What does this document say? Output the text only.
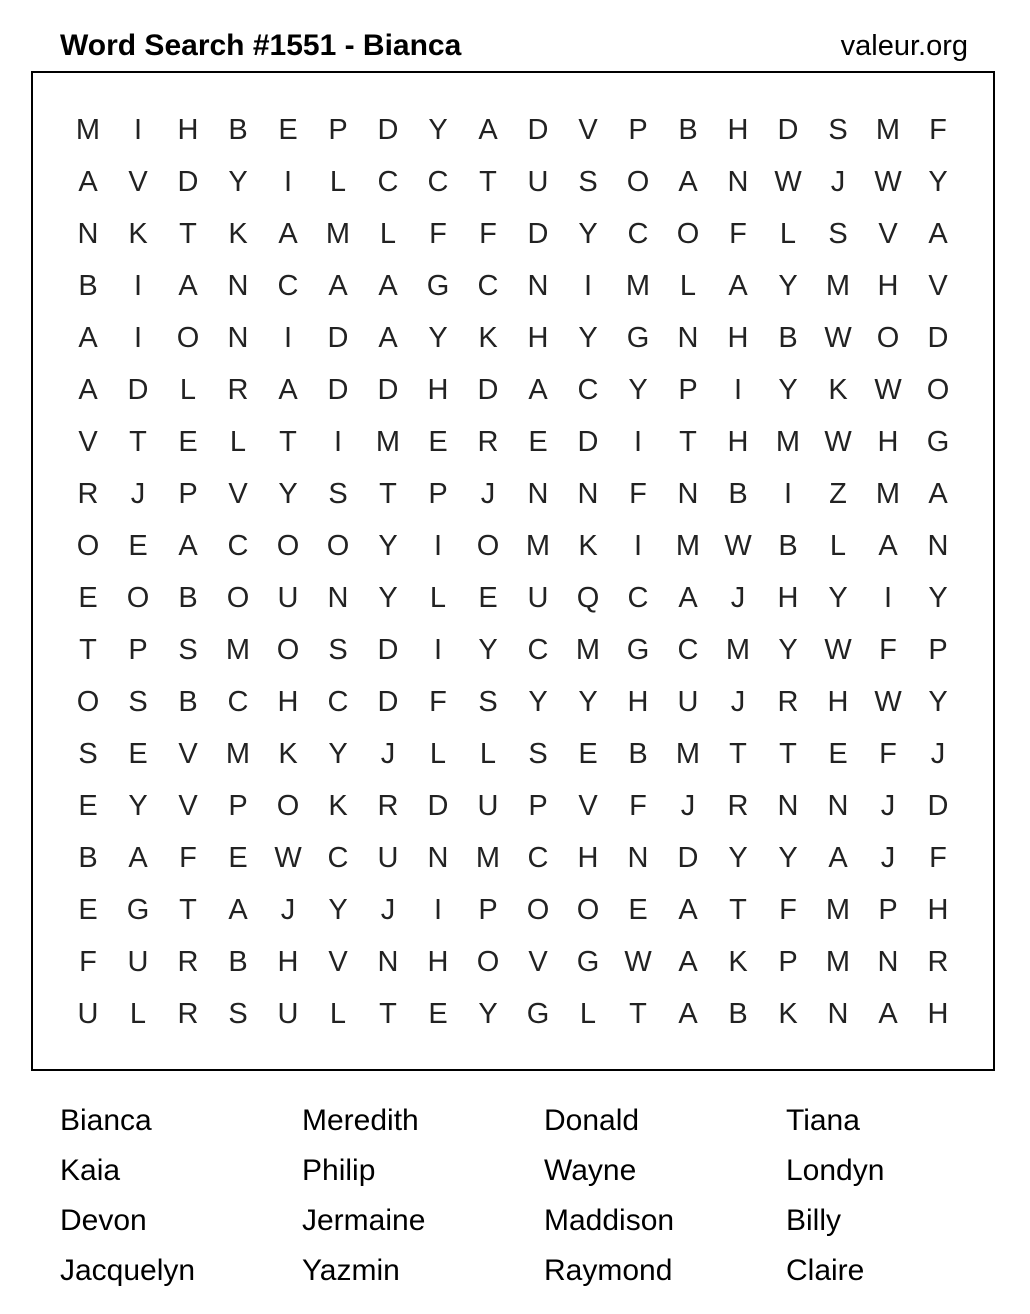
Word Search #1551 - Bianca	valeur.org
M	I	H	B	E	P	D	Y	A	D	V	P	B	H	D	S M	F
A	V	D	Y	I	L	C	C	T	U	S	O	A	N W	J	W Y
N	K	T	K	A M	L	F	F	D	Y	C O	F	L	S	V	A
B	I	A	N	C	A	A	G C	N	I	M	L	A	Y M H	V
A	I	O N	I	D	A	Y	K	H	Y	G N	H	B W O D
A	D	L	R	A	D	D	H	D	A	C	Y	P	I	Y	K W O
V	T	E	L	T	I	M E	R	E	D	I	T	H M W H G
R	J	P	V	Y	S	T	P	J	N	N	F	N	B	I	Z	M A
O	E	A	C O O	Y	I	O M K	I	M W B	L	A	N
E	O	B	O U	N	Y	L	E	U Q C	A	J	H	Y	I	Y
T	P	S M O	S	D	I	Y	C M G C M Y W F	P
O	S	B	C	H	C	D	F	S	Y	Y	H	U	J	R	H W Y
S	E	V M K	Y	J	L	L	S	E	B M	T	T	E	F	J
E	Y	V	P	O	K	R	D	U	P	V	F	J	R	N	N	J	D
B	A	F	E W C	U	N M C	H	N	D	Y	Y	A	J	F
E	G	T	A	J	Y	J	I	P	O O	E	A	T	F	M P	H
F	U	R	B	H	V	N	H O	V	G W A	K	P M N	R
U	L	R	S	U	L	T	E	Y	G	L	T	A	B	K	N	A	H
Bianca	Meredith	Donald	Tiana
Kaia	Philip	Wayne	Londyn
Devon	Jermaine	Maddison	Billy
Jacquelyn	Yazmin	Raymond	Claire
